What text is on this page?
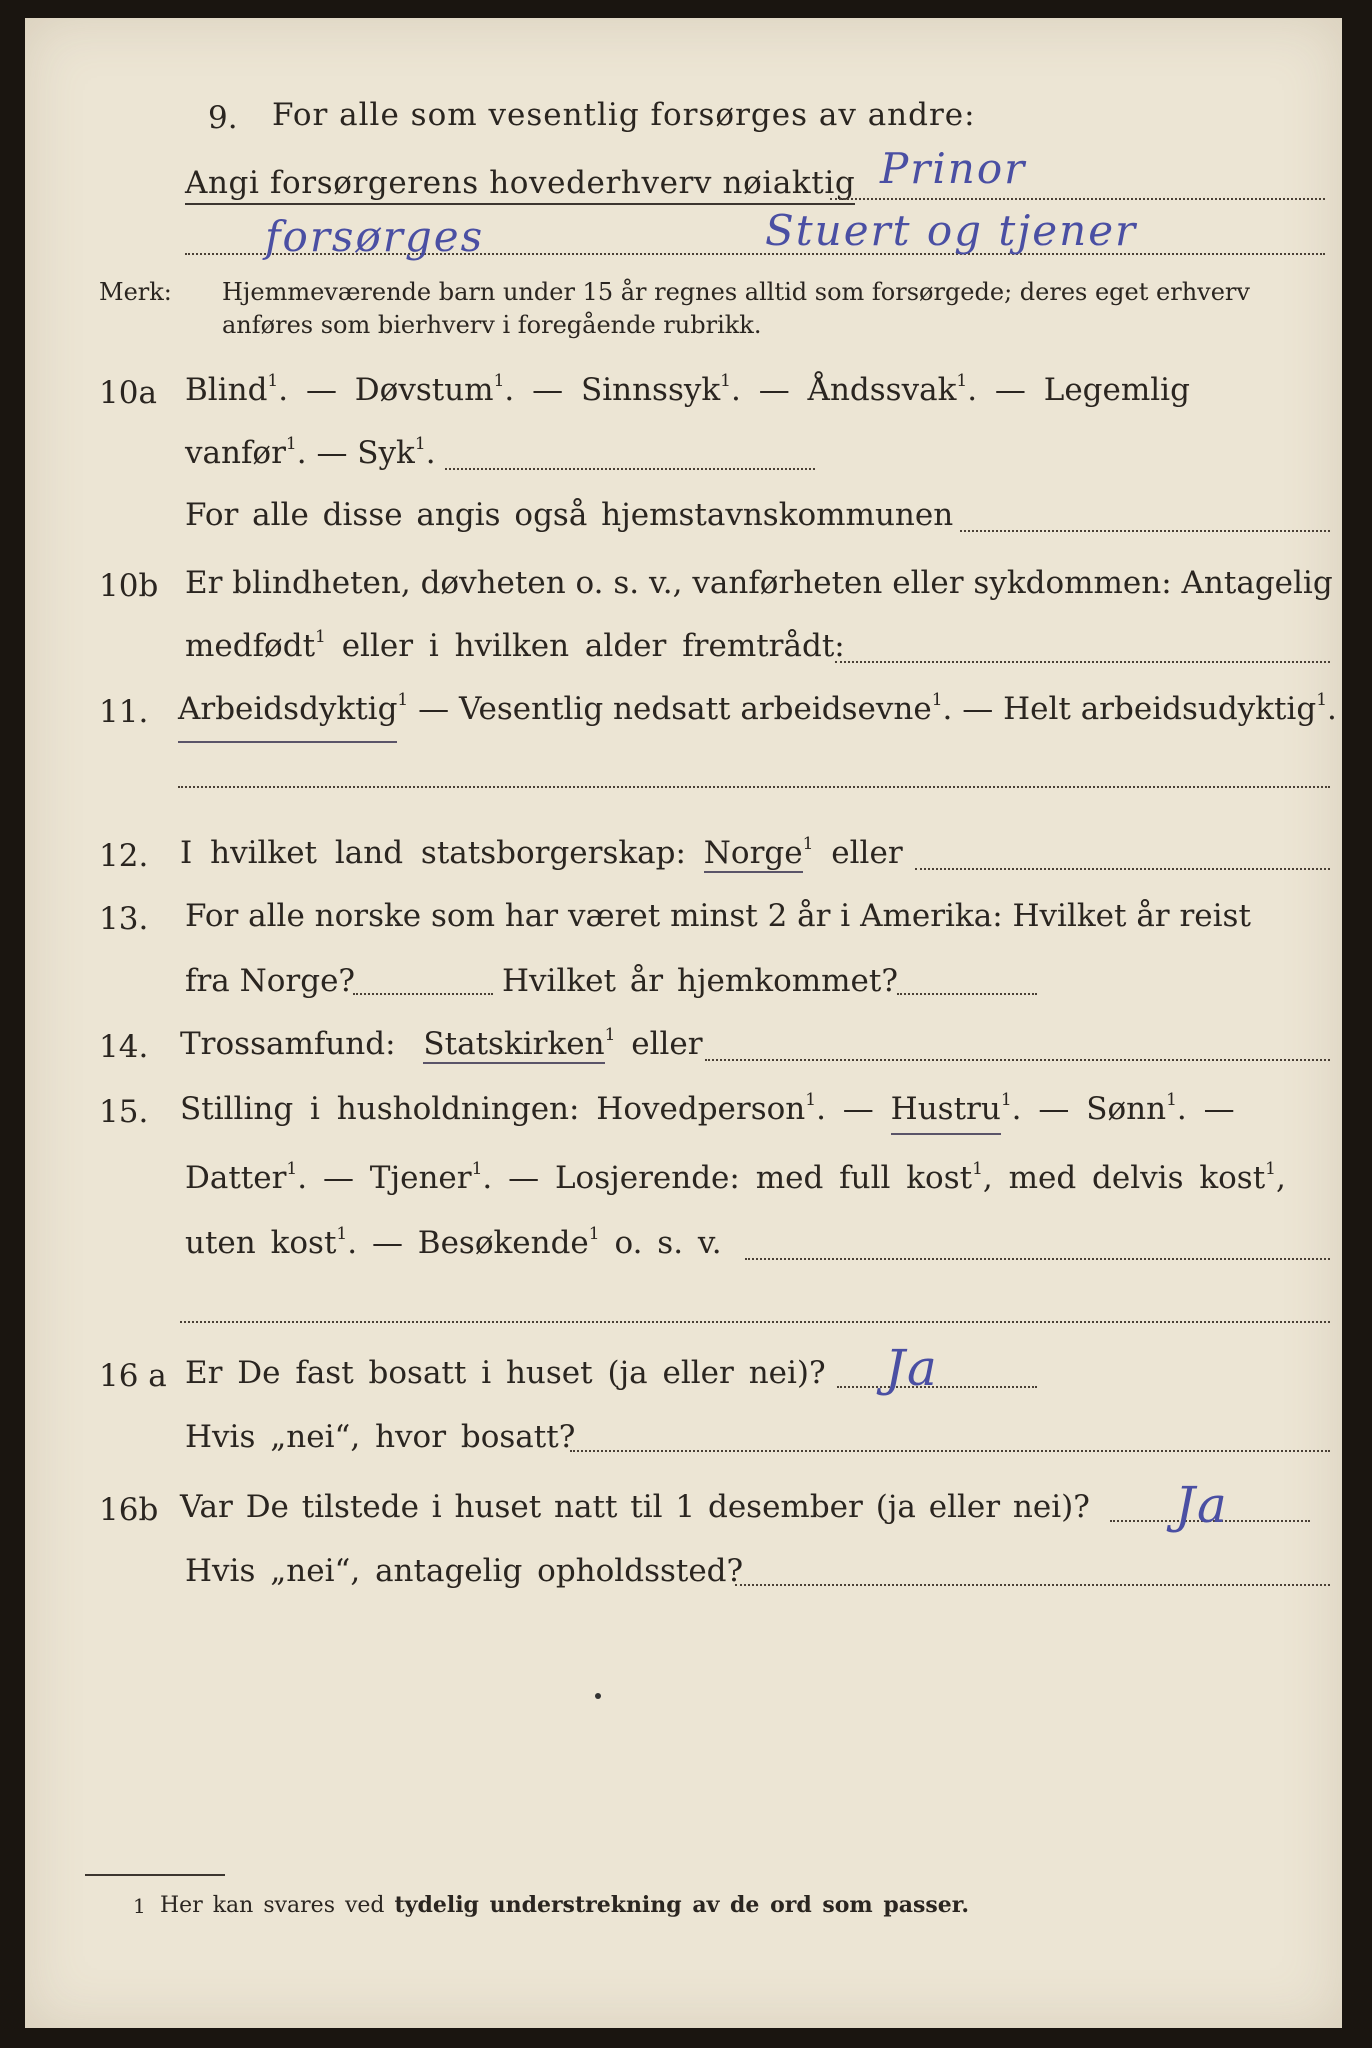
9. For alle som vesentlig forsørges av andre:
Angi forsørgerens hovederhverv nøiaktig Prinor
forsørges	Stuert og tjener
Merk: Hjemmeværende barn under 15 år regnes alltid som forsørgede; deres eget erhverv
anføres som bierhverv i foregående rubrikk.
10a Blind$^1$. — Døvstum$^1$. — Sinnssyk$^1$. — Åndssvak$^1$. — Legemlig
vanfør$^1$. — Syk$^1$.
For alle disse angis også hjemstavnskommunen
10b Er blindheten, døvheten o. s. v., vanførheten eller sykdommen: Antagelig
medfødt$^1$ eller i hvilken alder fremtrådt:
11. Arbeidsdyktig$^1$ — Vesentlig nedsatt arbeidsevne$^1$. — Helt arbeidsudyktig$^1$.
12. I hvilket land statsborgerskap: Norge$^1$ eller
13. For alle norske som har været minst 2 år i Amerika: Hvilket år reist
fra Norge?	Hvilket år hjemkommet?
14. Trossamfund: Statskirken$^1$ eller
15. Stilling i husholdningen: Hovedperson$^1$. — Hustru$^1$. — Sønn$^1$. —
Datter$^1$. — Tjener$^1$. — Losjerende: med full kost$^1$, med delvis kost$^1$,
uten kost$^1$. — Besøkende$^1$ o. s. v.
16 a Er De fast bosatt i huset (ja eller nei)? Ja
Hvis „nei“, hvor bosatt?
16b Var De tilstede i huset natt til 1 desember (ja eller nei)? Ja
Hvis „nei“, antagelig opholdssted?
1 Her kan svares ved tydelig understrekning av de ord som passer.
